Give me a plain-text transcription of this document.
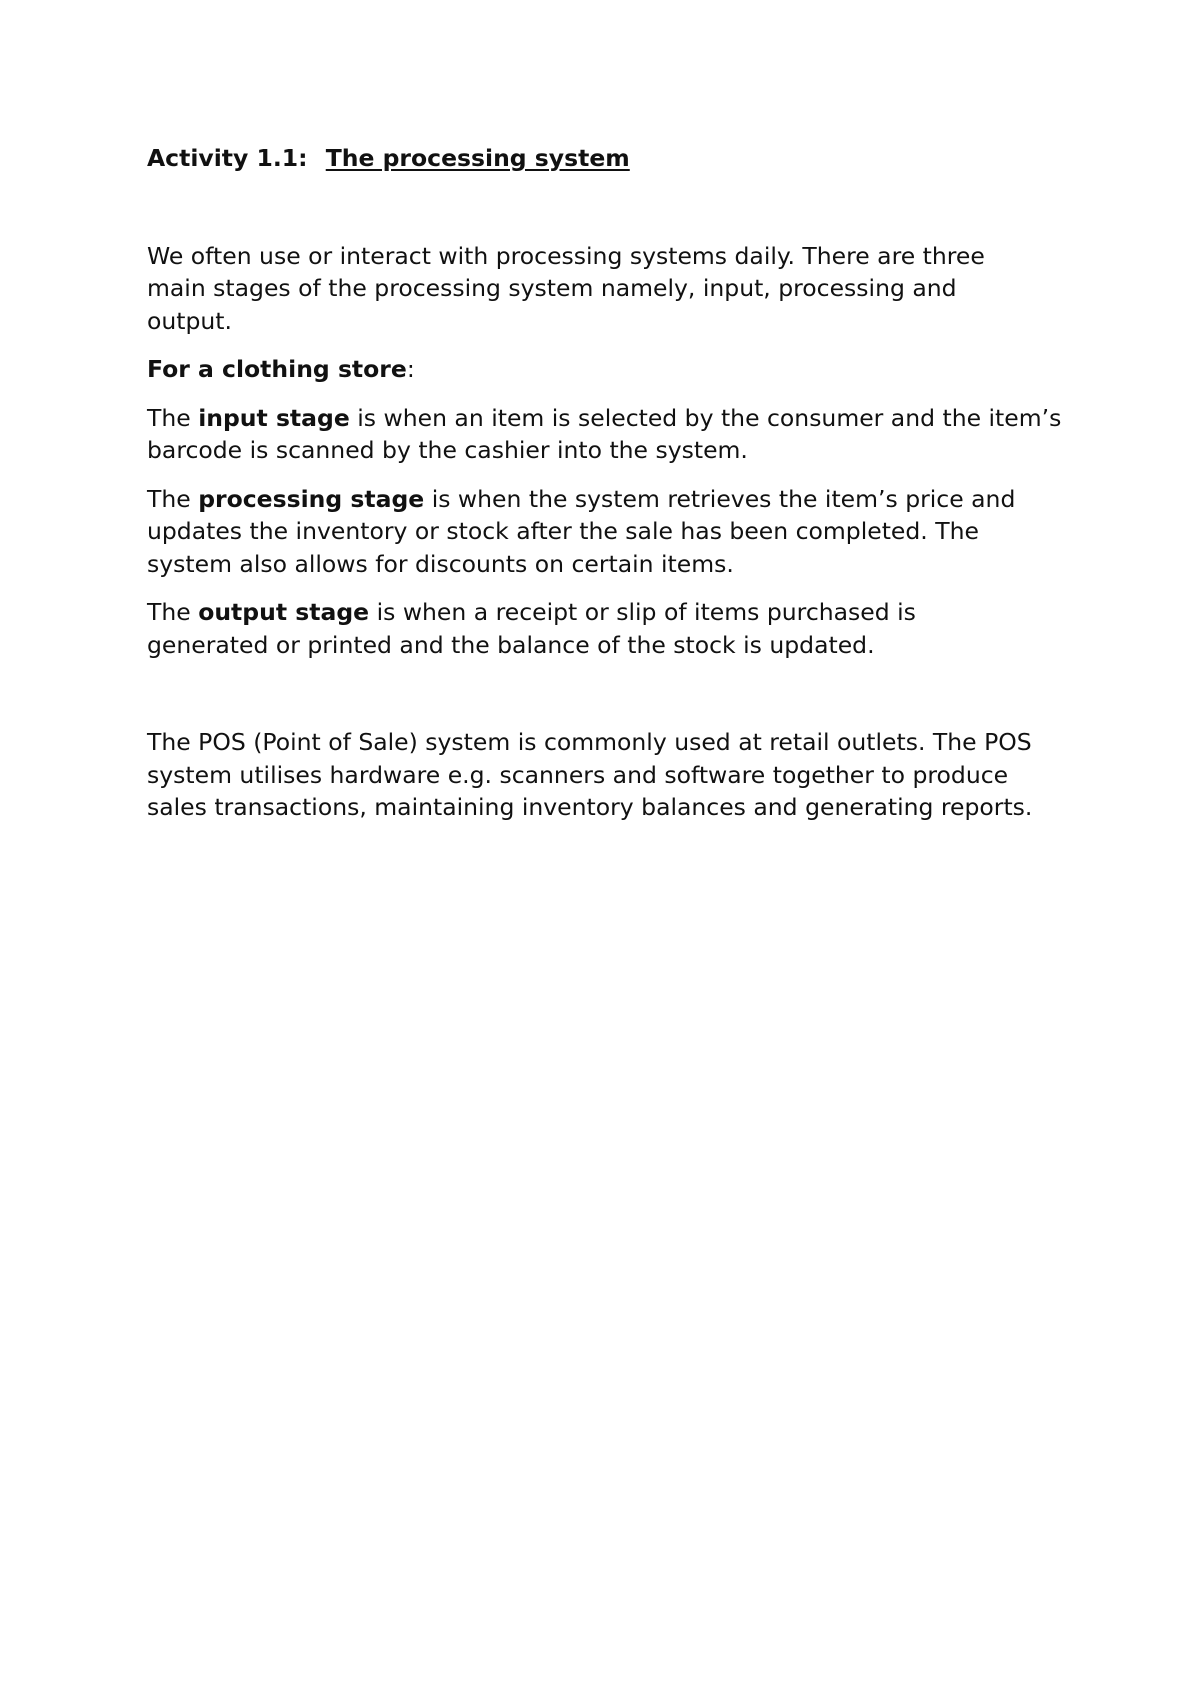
Activity 1.1: The processing system

We often use or interact with processing systems daily. There are three main stages of the processing system namely, input, processing and output.

For a clothing store:

The input stage is when an item is selected by the consumer and the item’s barcode is scanned by the cashier into the system.

The processing stage is when the system retrieves the item’s price and updates the inventory or stock after the sale has been completed. The system also allows for discounts on certain items.

The output stage is when a receipt or slip of items purchased is generated or printed and the balance of the stock is updated.

The POS (Point of Sale) system is commonly used at retail outlets. The POS system utilises hardware e.g. scanners and software together to produce sales transactions, maintaining inventory balances and generating reports.
